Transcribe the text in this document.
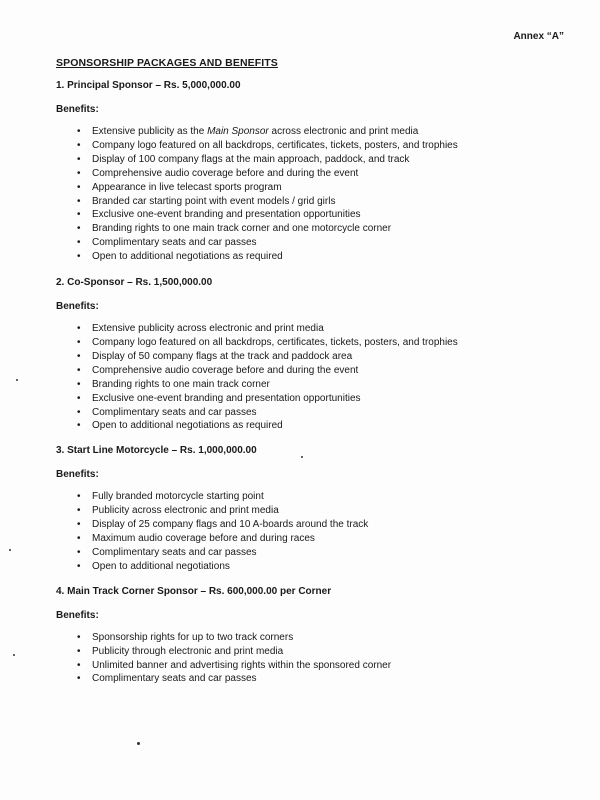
Annex “A”
SPONSORSHIP PACKAGES AND BENEFITS
1. Principal Sponsor – Rs. 5,000,000.00
Benefits:
• Extensive publicity as the Main Sponsor across electronic and print media
• Company logo featured on all backdrops, certificates, tickets, posters, and trophies
• Display of 100 company flags at the main approach, paddock, and track
• Comprehensive audio coverage before and during the event
• Appearance in live telecast sports program
• Branded car starting point with event models / grid girls
• Exclusive one-event branding and presentation opportunities
• Branding rights to one main track corner and one motorcycle corner
• Complimentary seats and car passes
• Open to additional negotiations as required
2. Co-Sponsor – Rs. 1,500,000.00
Benefits:
• Extensive publicity across electronic and print media
• Company logo featured on all backdrops, certificates, tickets, posters, and trophies
• Display of 50 company flags at the track and paddock area
• Comprehensive audio coverage before and during the event
• Branding rights to one main track corner
• Exclusive one-event branding and presentation opportunities
• Complimentary seats and car passes
• Open to additional negotiations as required
3. Start Line Motorcycle – Rs. 1,000,000.00
Benefits:
• Fully branded motorcycle starting point
• Publicity across electronic and print media
• Display of 25 company flags and 10 A-boards around the track
• Maximum audio coverage before and during races
• Complimentary seats and car passes
• Open to additional negotiations
4. Main Track Corner Sponsor – Rs. 600,000.00 per Corner
Benefits:
• Sponsorship rights for up to two track corners
• Publicity through electronic and print media
• Unlimited banner and advertising rights within the sponsored corner
• Complimentary seats and car passes
